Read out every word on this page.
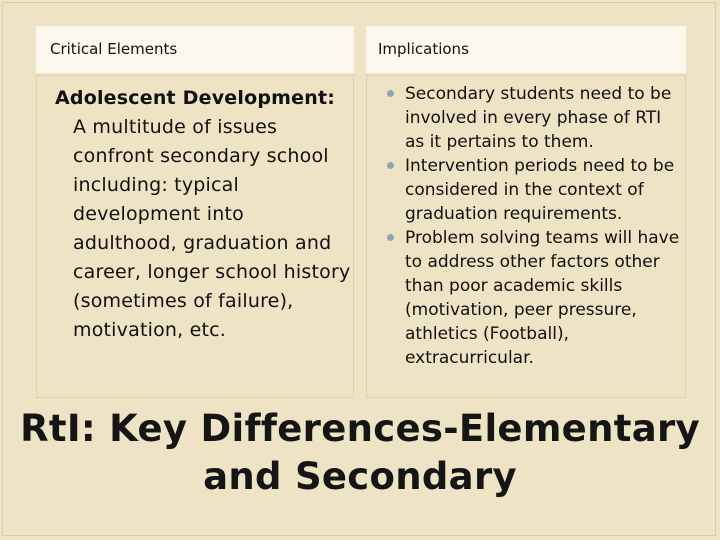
Critical Elements	Implications
Adolescent Development:
A multitude of issues confront secondary school including: typical development into adulthood, graduation and career, longer school history (sometimes of failure), motivation, etc.
Secondary students need to be involved in every phase of RTI as it pertains to them.
Intervention periods need to be considered in the context of graduation requirements.
Problem solving teams will have to address other factors other than poor academic skills (motivation, peer pressure, athletics (Football), extracurricular.
RtI: Key Differences-Elementary
and Secondary
